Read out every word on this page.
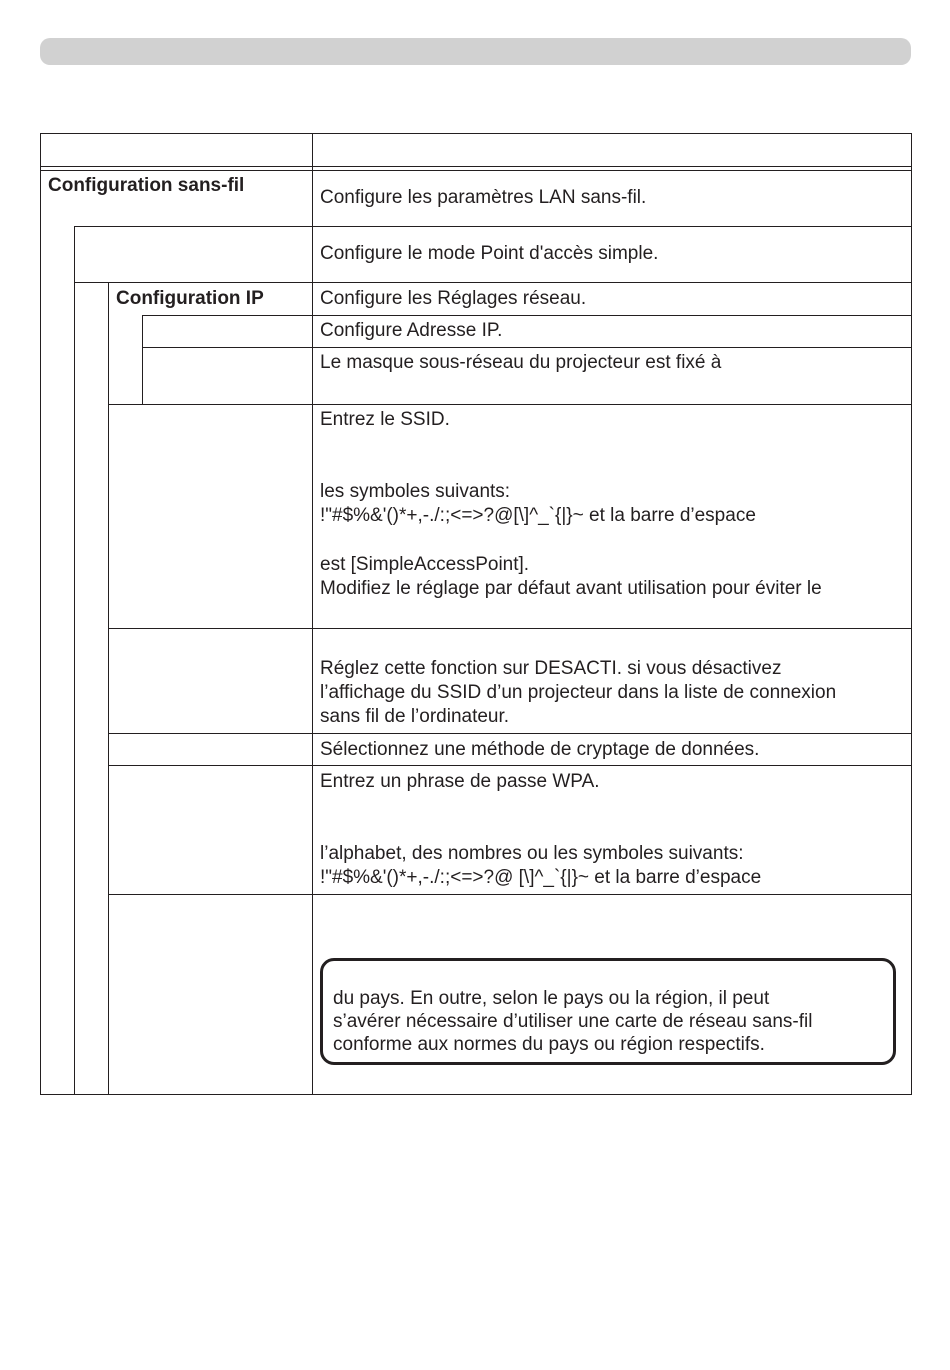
Configuration sans-fil
Configure les paramètres LAN sans-fil.
Configure le mode Point d'accès simple.
Configuration IP	Configure les Réglages réseau.
Configure Adresse IP.
Le masque sous-réseau du projecteur est fixé à
Entrez le SSID.
les symboles suivants:
!"#$%&'()*+,-./:;<=>?@[\]^_`{|}~ et la barre d’espace
est [SimpleAccessPoint].
Modifiez le réglage par défaut avant utilisation pour éviter le
Réglez cette fonction sur DESACTI. si vous désactivez
l’affichage du SSID d’un projecteur dans la liste de connexion
sans fil de l’ordinateur.
Sélectionnez une méthode de cryptage de données.
Entrez un phrase de passe WPA.
l’alphabet, des nombres ou les symboles suivants:
!"#$%&'()*+,-./:;<=>?@ [\]^_`{|}~ et la barre d’espace
du pays. En outre, selon le pays ou la région, il peut
s’avérer nécessaire d’utiliser une carte de réseau sans-fil
conforme aux normes du pays ou région respectifs.
